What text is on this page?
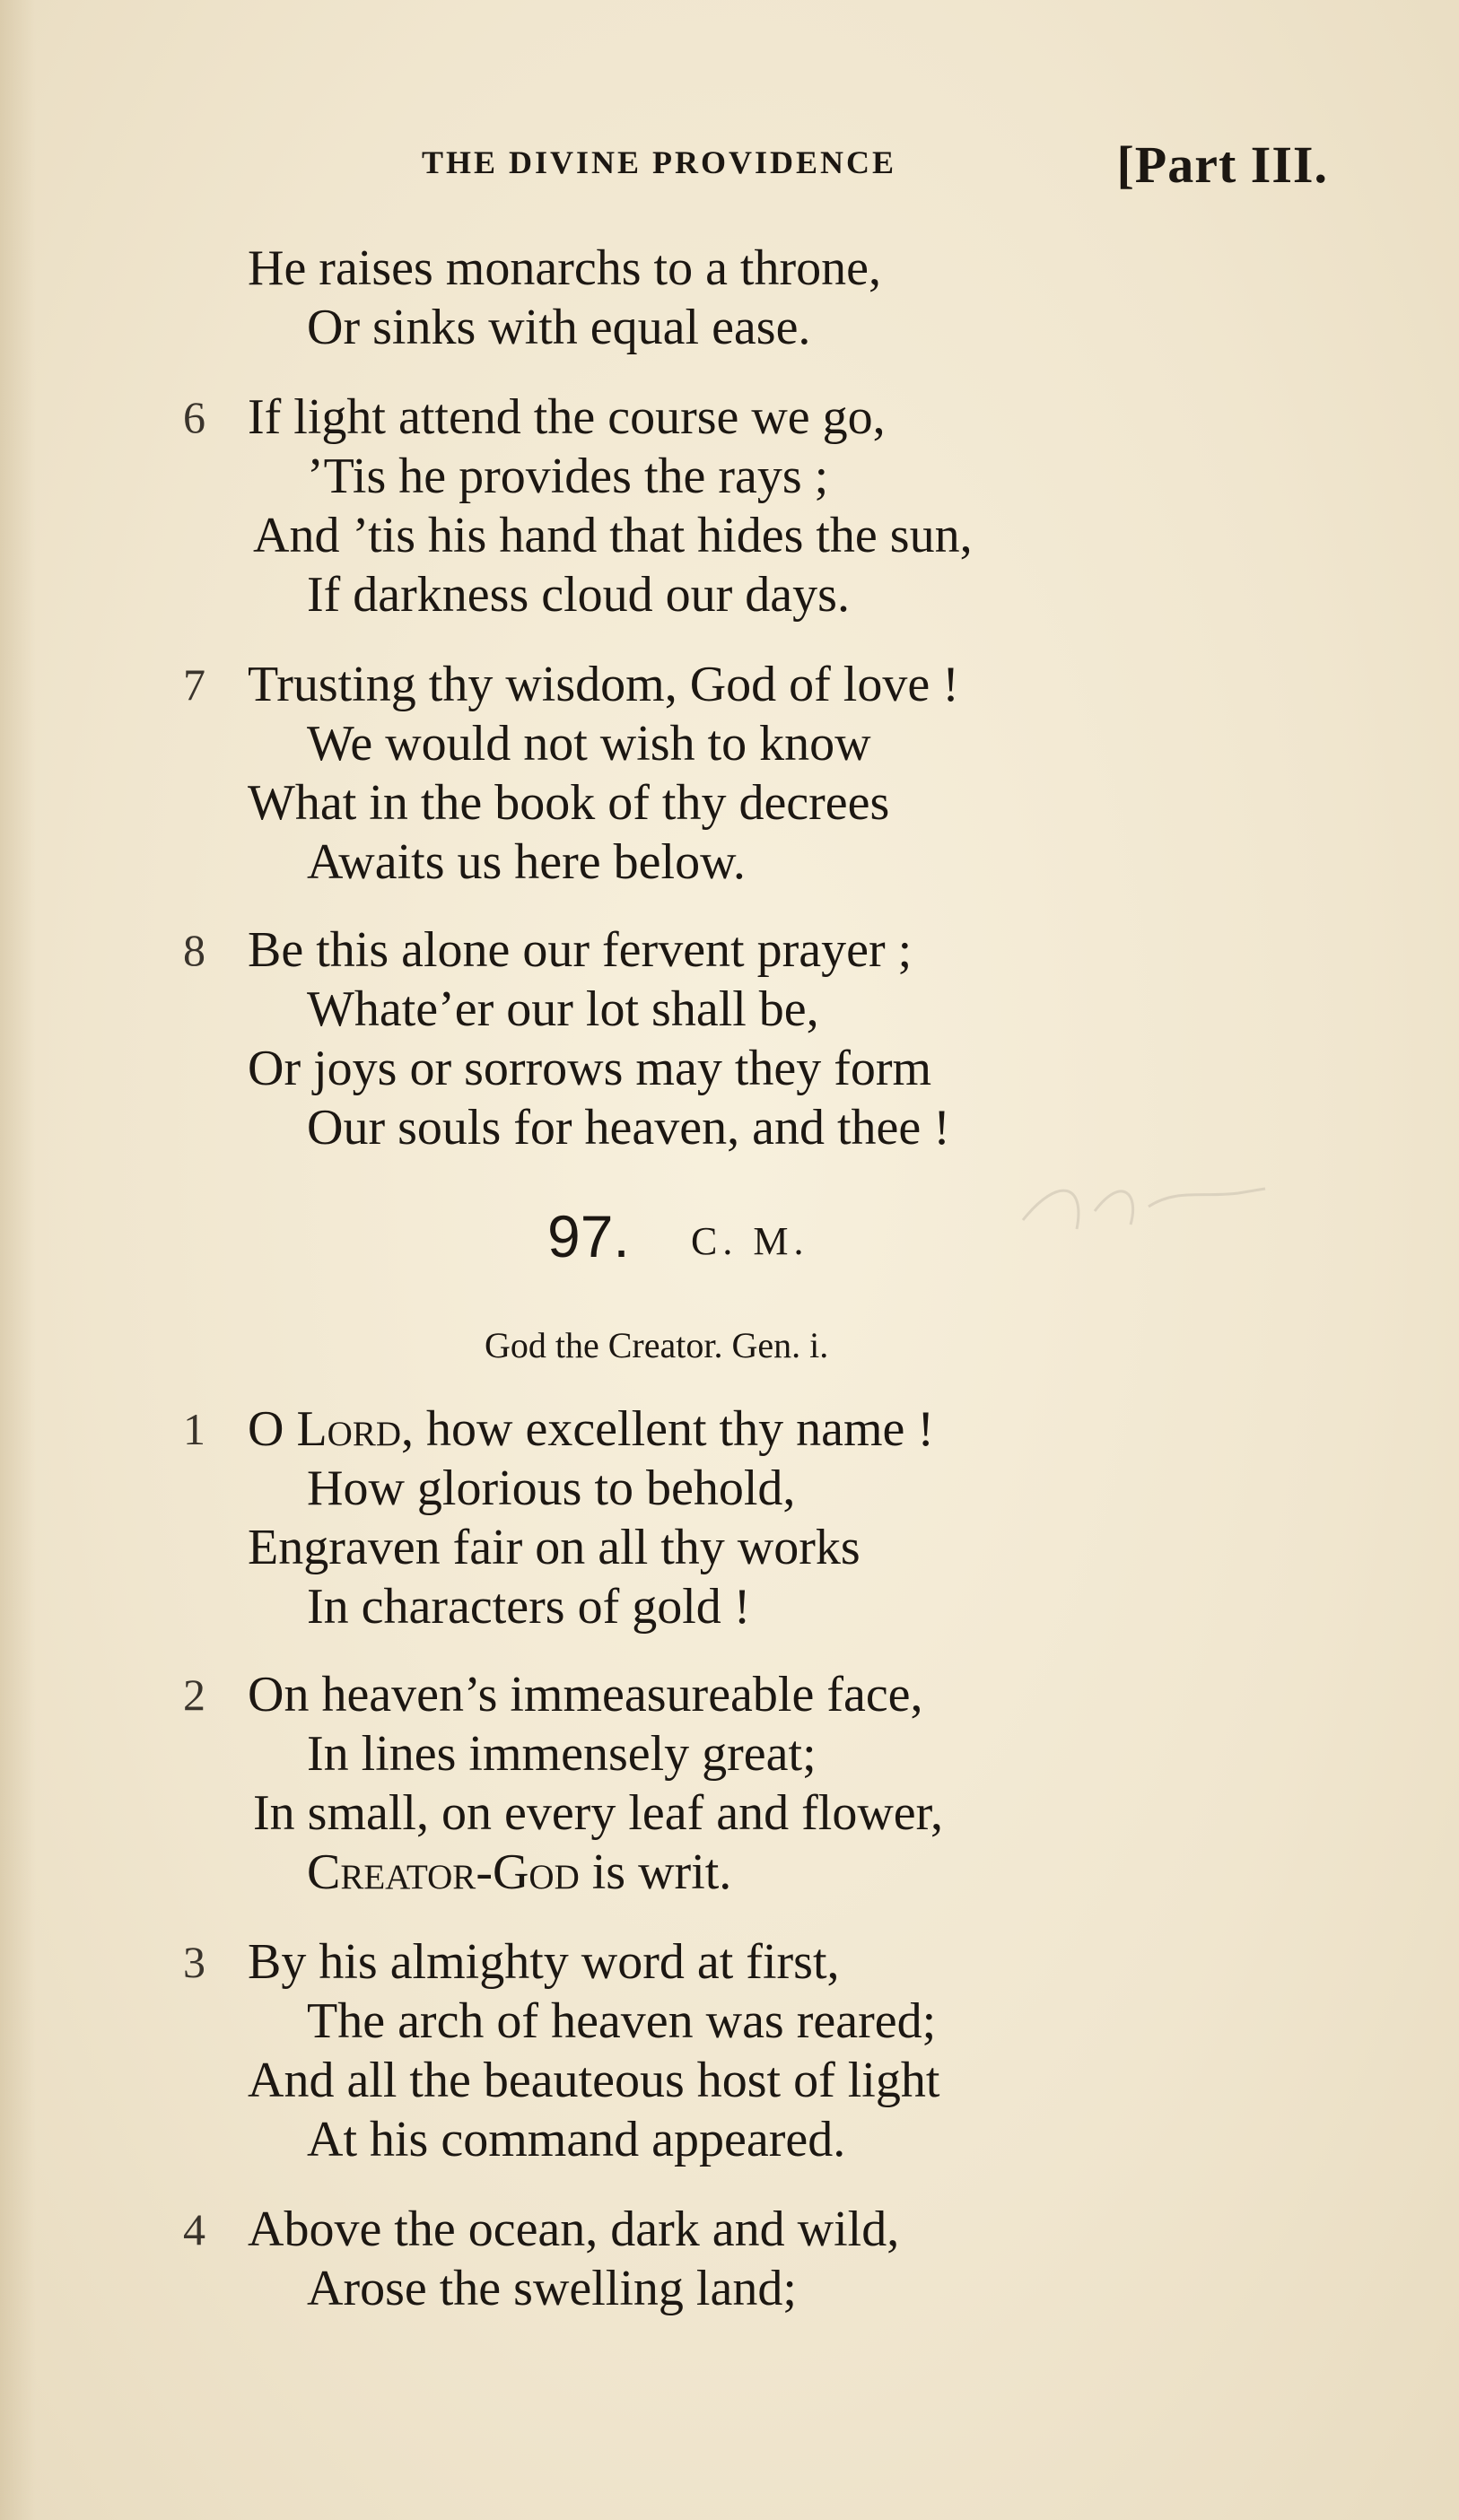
THE DIVINE PROVIDENCE	[Part III.
He raises monarchs to a throne,
Or sinks with equal ease.
6 If light attend the course we go,
’Tis he provides the rays ;
And ’tis his hand that hides the sun,
If darkness cloud our days.
7 Trusting thy wisdom, God of love !
We would not wish to know
What in the book of thy decrees
Awaits us here below.
8 Be this alone our fervent prayer ;
Whate’er our lot shall be,
Or joys or sorrows may they form
Our souls for heaven, and thee !
97. C. M.
God the Creator. Gen. i.
1 O Lord, how excellent thy name !
How glorious to behold,
Engraven fair on all thy works
In characters of gold !
2 On heaven’s immeasureable face,
In lines immensely great;
In small, on every leaf and flower,
Creator-God is writ.
3 By his almighty word at first,
The arch of heaven was reared;
And all the beauteous host of light
At his command appeared.
4 Above the ocean, dark and wild,
Arose the swelling land;
